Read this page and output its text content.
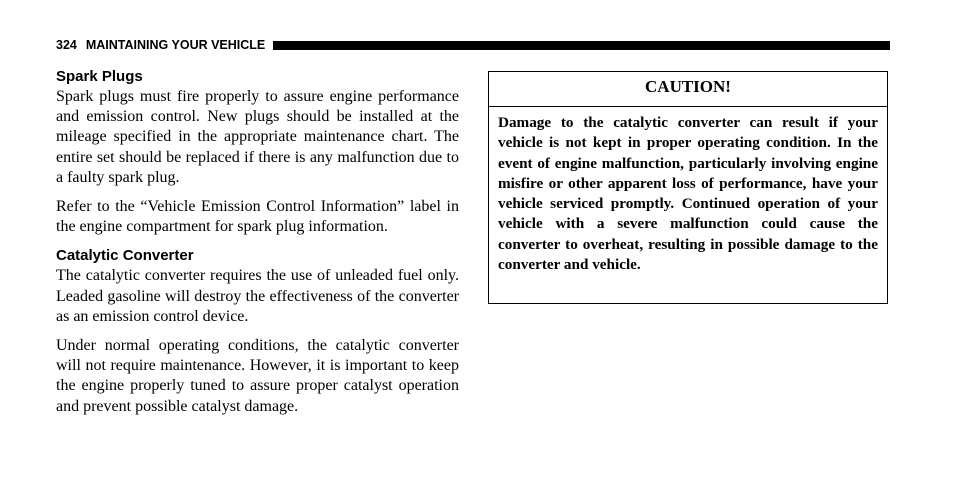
324 MAINTAINING YOUR VEHICLE
Spark Plugs

Spark plugs must fire properly to assure engine performance and emission control. New plugs should be installed at the mileage specified in the appropriate maintenance chart. The entire set should be replaced if there is any malfunction due to a faulty spark plug.

Refer to the “Vehicle Emission Control Information” label in the engine compartment for spark plug information.

Catalytic Converter

The catalytic converter requires the use of unleaded fuel only. Leaded gasoline will destroy the effectiveness of the converter as an emission control device.

Under normal operating conditions, the catalytic converter will not require maintenance. However, it is important to keep the engine properly tuned to assure proper catalyst operation and prevent possible catalyst damage.

CAUTION!
Damage to the catalytic converter can result if your vehicle is not kept in proper operating condition. In the event of engine malfunction, particularly involving engine misfire or other apparent loss of performance, have your vehicle serviced promptly. Continued operation of your vehicle with a severe malfunction could cause the converter to overheat, resulting in possible damage to the converter and vehicle.
